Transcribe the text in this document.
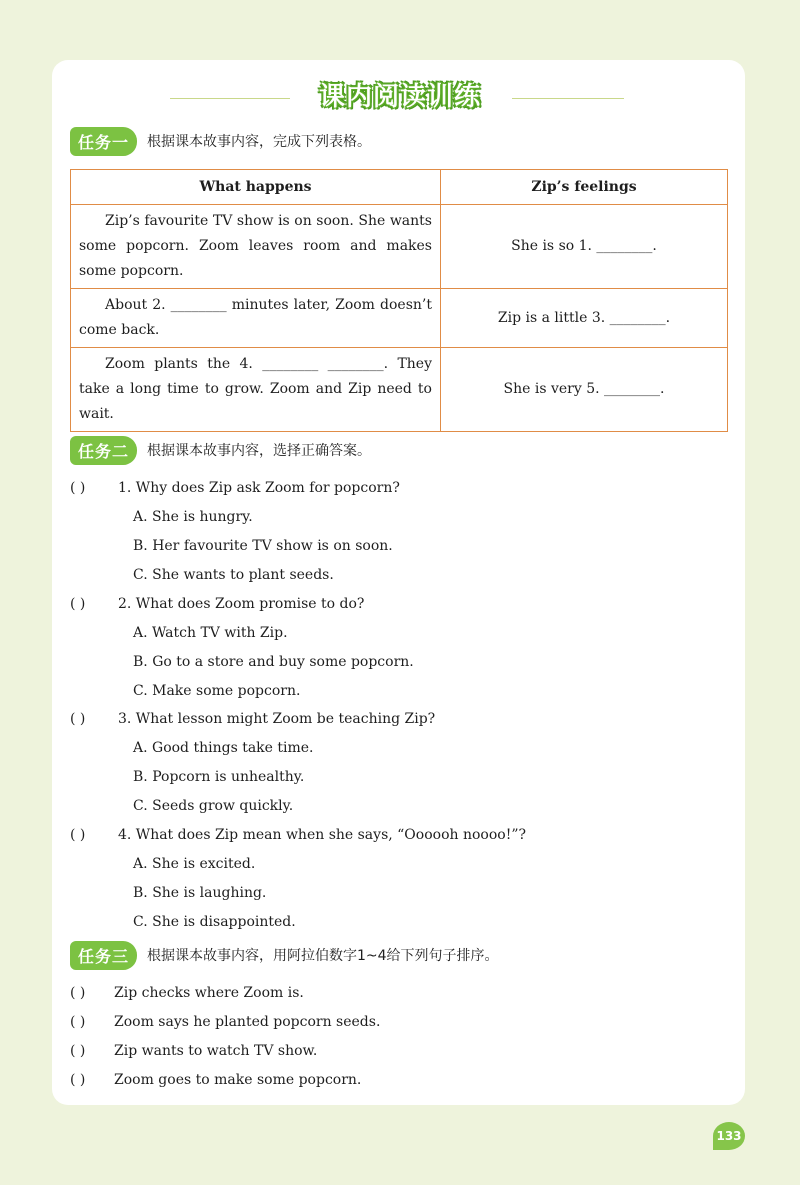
课内阅读训练
任务一	根据课本故事内容，完成下列表格。
What happens	Zip’s feelings
Zip’s favourite TV show is on soon. She wants some popcorn. Zoom leaves room and makes some popcorn.	She is so 1. ________.
About 2. ________ minutes later, Zoom doesn’t come back.	Zip is a little 3. ________.
Zoom plants the 4. ________ ________. They take a long time to grow. Zoom and Zip need to wait.	She is very 5. ________.
任务二	根据课本故事内容，选择正确答案。
( ) 1. Why does Zip ask Zoom for popcorn?
A. She is hungry.
B. Her favourite TV show is on soon.
C. She wants to plant seeds.
( ) 2. What does Zoom promise to do?
A. Watch TV with Zip.
B. Go to a store and buy some popcorn.
C. Make some popcorn.
( ) 3. What lesson might Zoom be teaching Zip?
A. Good things take time.
B. Popcorn is unhealthy.
C. Seeds grow quickly.
( ) 4. What does Zip mean when she says, “Oooooh noooo!”?
A. She is excited.
B. She is laughing.
C. She is disappointed.
任务三	根据课本故事内容，用阿拉伯数字1~4给下列句子排序。
( ) Zip checks where Zoom is.
( ) Zoom says he planted popcorn seeds.
( ) Zip wants to watch TV show.
( ) Zoom goes to make some popcorn.
133
